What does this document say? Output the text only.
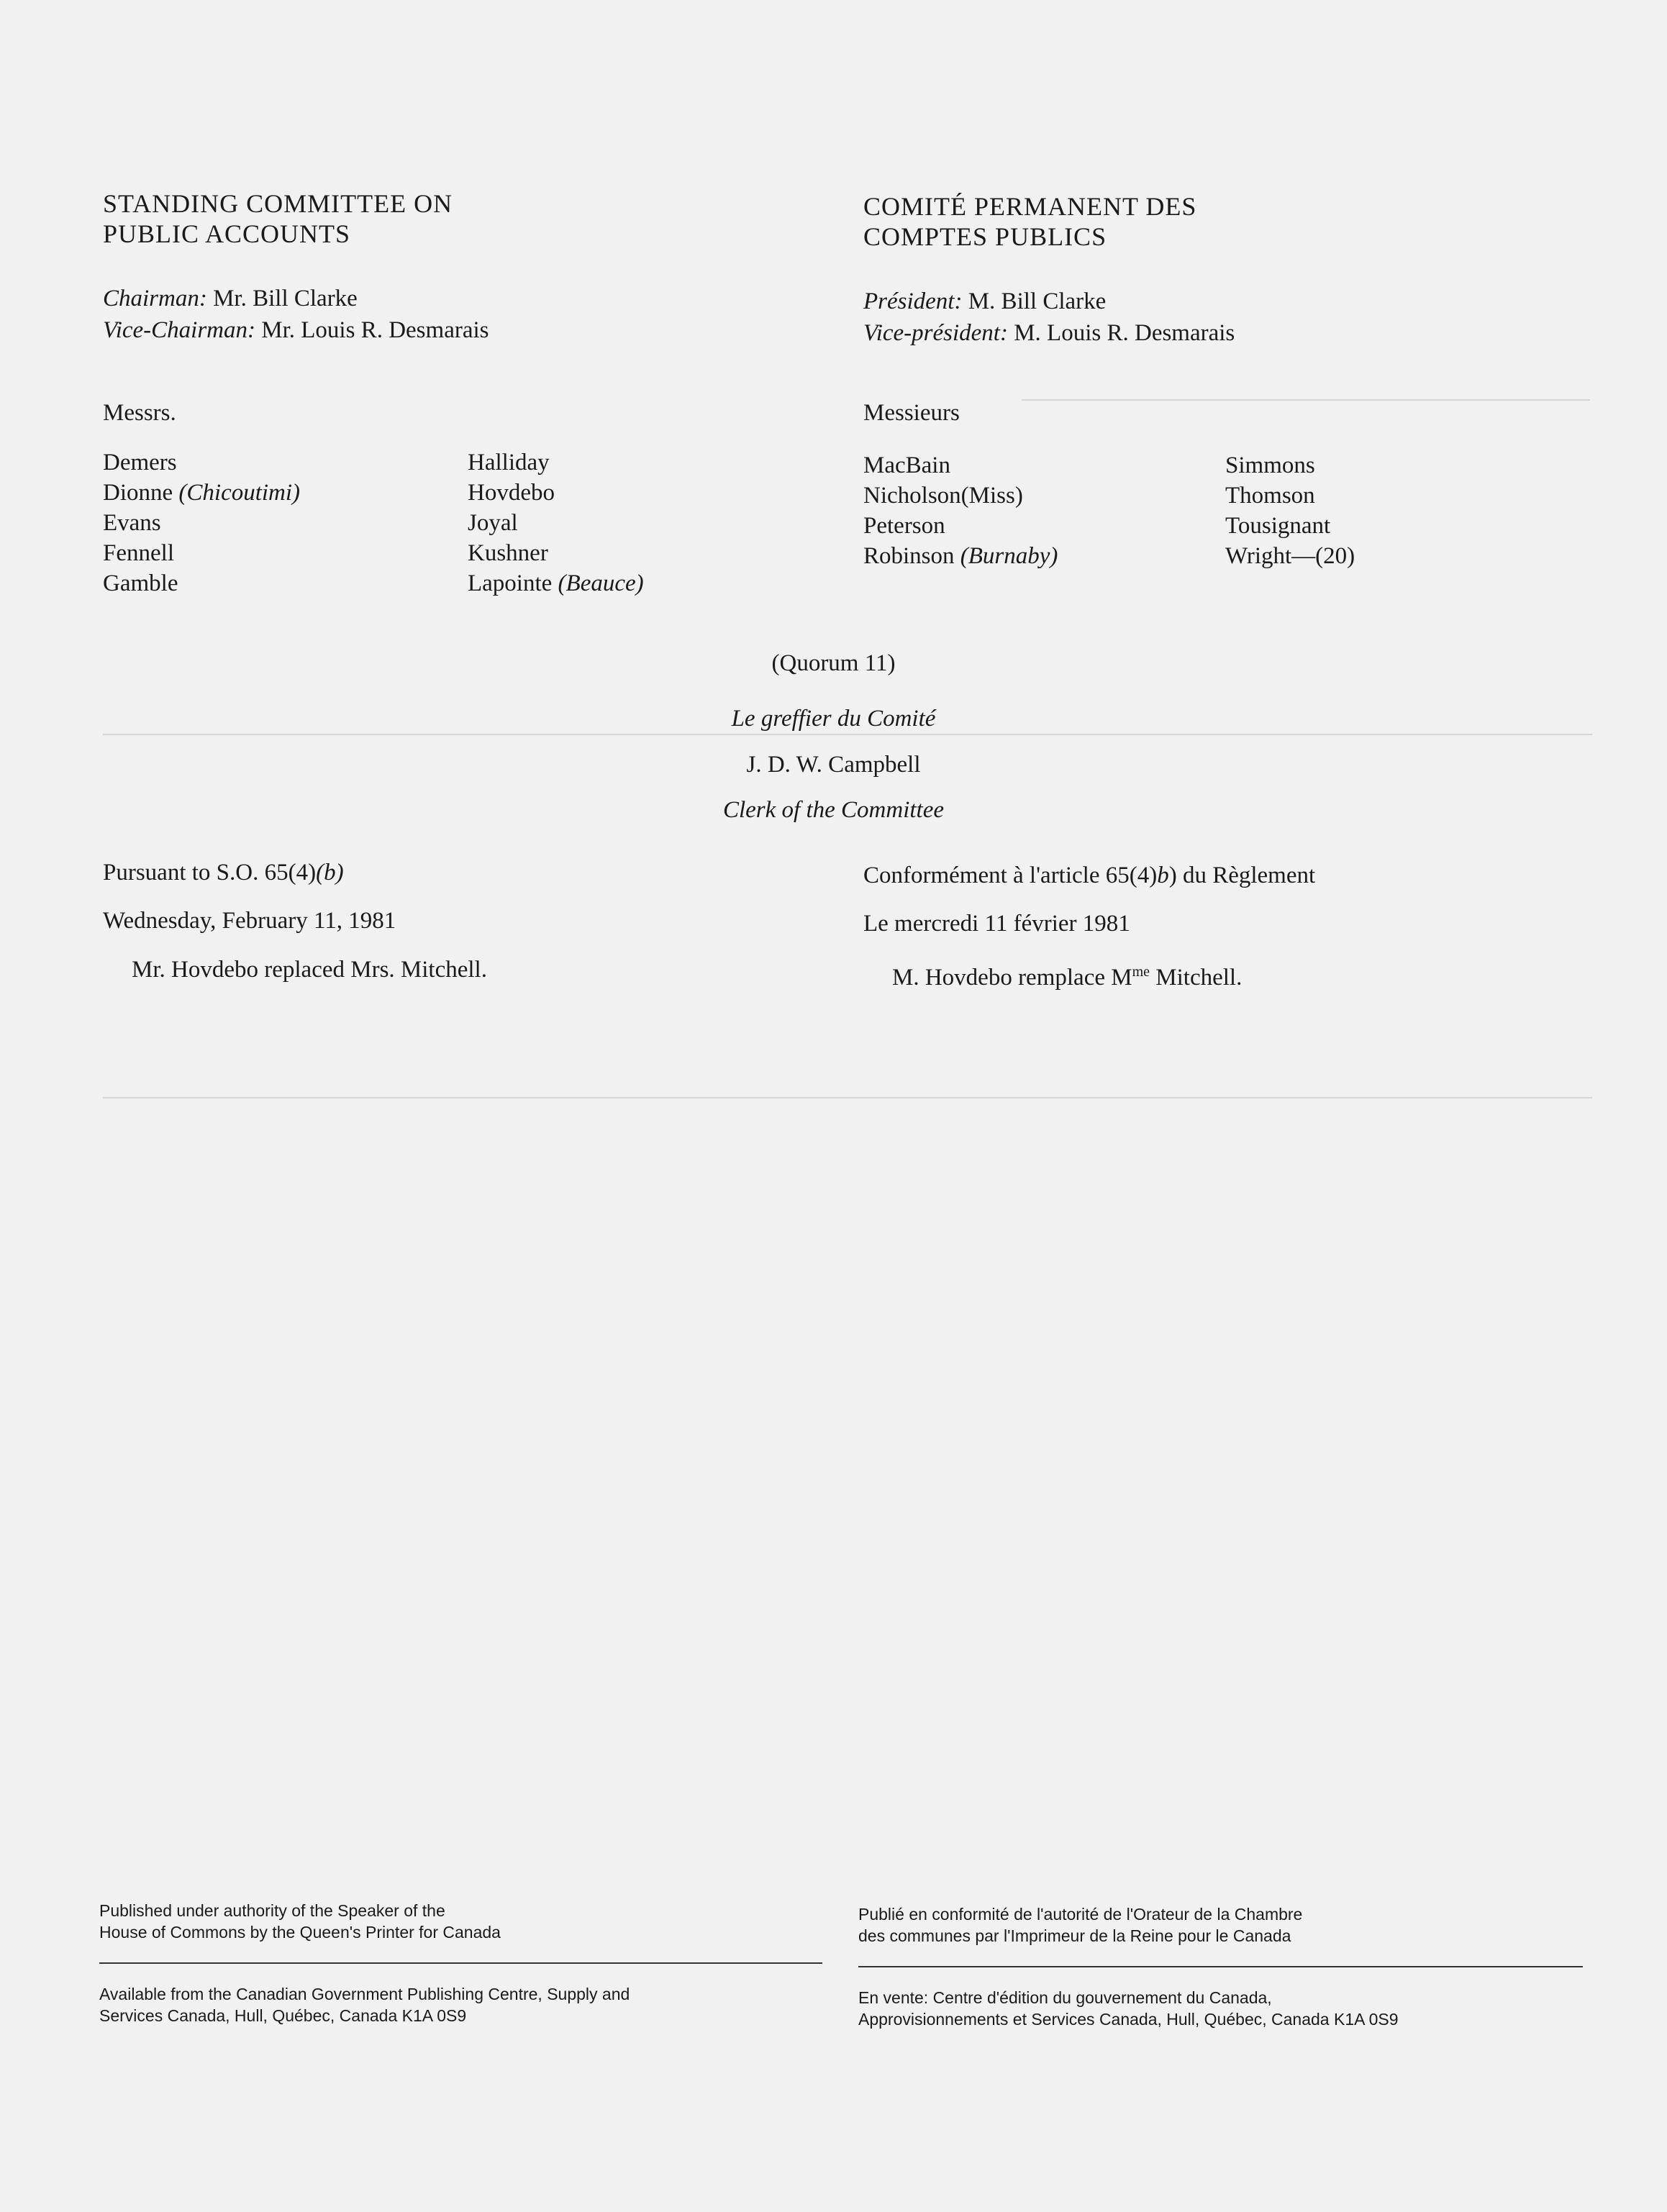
STANDING COMMITTEE ON
PUBLIC ACCOUNTS
COMITÉ PERMANENT DES
COMPTES PUBLICS
Chairman: Mr. Bill Clarke
Vice-Chairman: Mr. Louis R. Desmarais
Président: M. Bill Clarke
Vice-président: M. Louis R. Desmarais
Messrs.	Messieurs
Demers
Dionne (Chicoutimi)
Evans
Fennell
Gamble
Halliday
Hovdebo
Joyal
Kushner
Lapointe (Beauce)
MacBain
Nicholson(Miss)
Peterson
Robinson (Burnaby)
Simmons
Thomson
Tousignant
Wright—(20)
(Quorum 11)
Le greffier du Comité
J. D. W. Campbell
Clerk of the Committee
Pursuant to S.O. 65(4)(b)
Wednesday, February 11, 1981
Mr. Hovdebo replaced Mrs. Mitchell.
Conformément à l'article 65(4)b) du Règlement
Le mercredi 11 février 1981
M. Hovdebo remplace $M^{me}$ Mitchell.
Published under authority of the Speaker of the
House of Commons by the Queen's Printer for Canada
Available from the Canadian Government Publishing Centre, Supply and
Services Canada, Hull, Québec, Canada K1A 0S9
Publié en conformité de l'autorité de l'Orateur de la Chambre
des communes par l'Imprimeur de la Reine pour le Canada
En vente: Centre d'édition du gouvernement du Canada,
Approvisionnements et Services Canada, Hull, Québec, Canada K1A 0S9
